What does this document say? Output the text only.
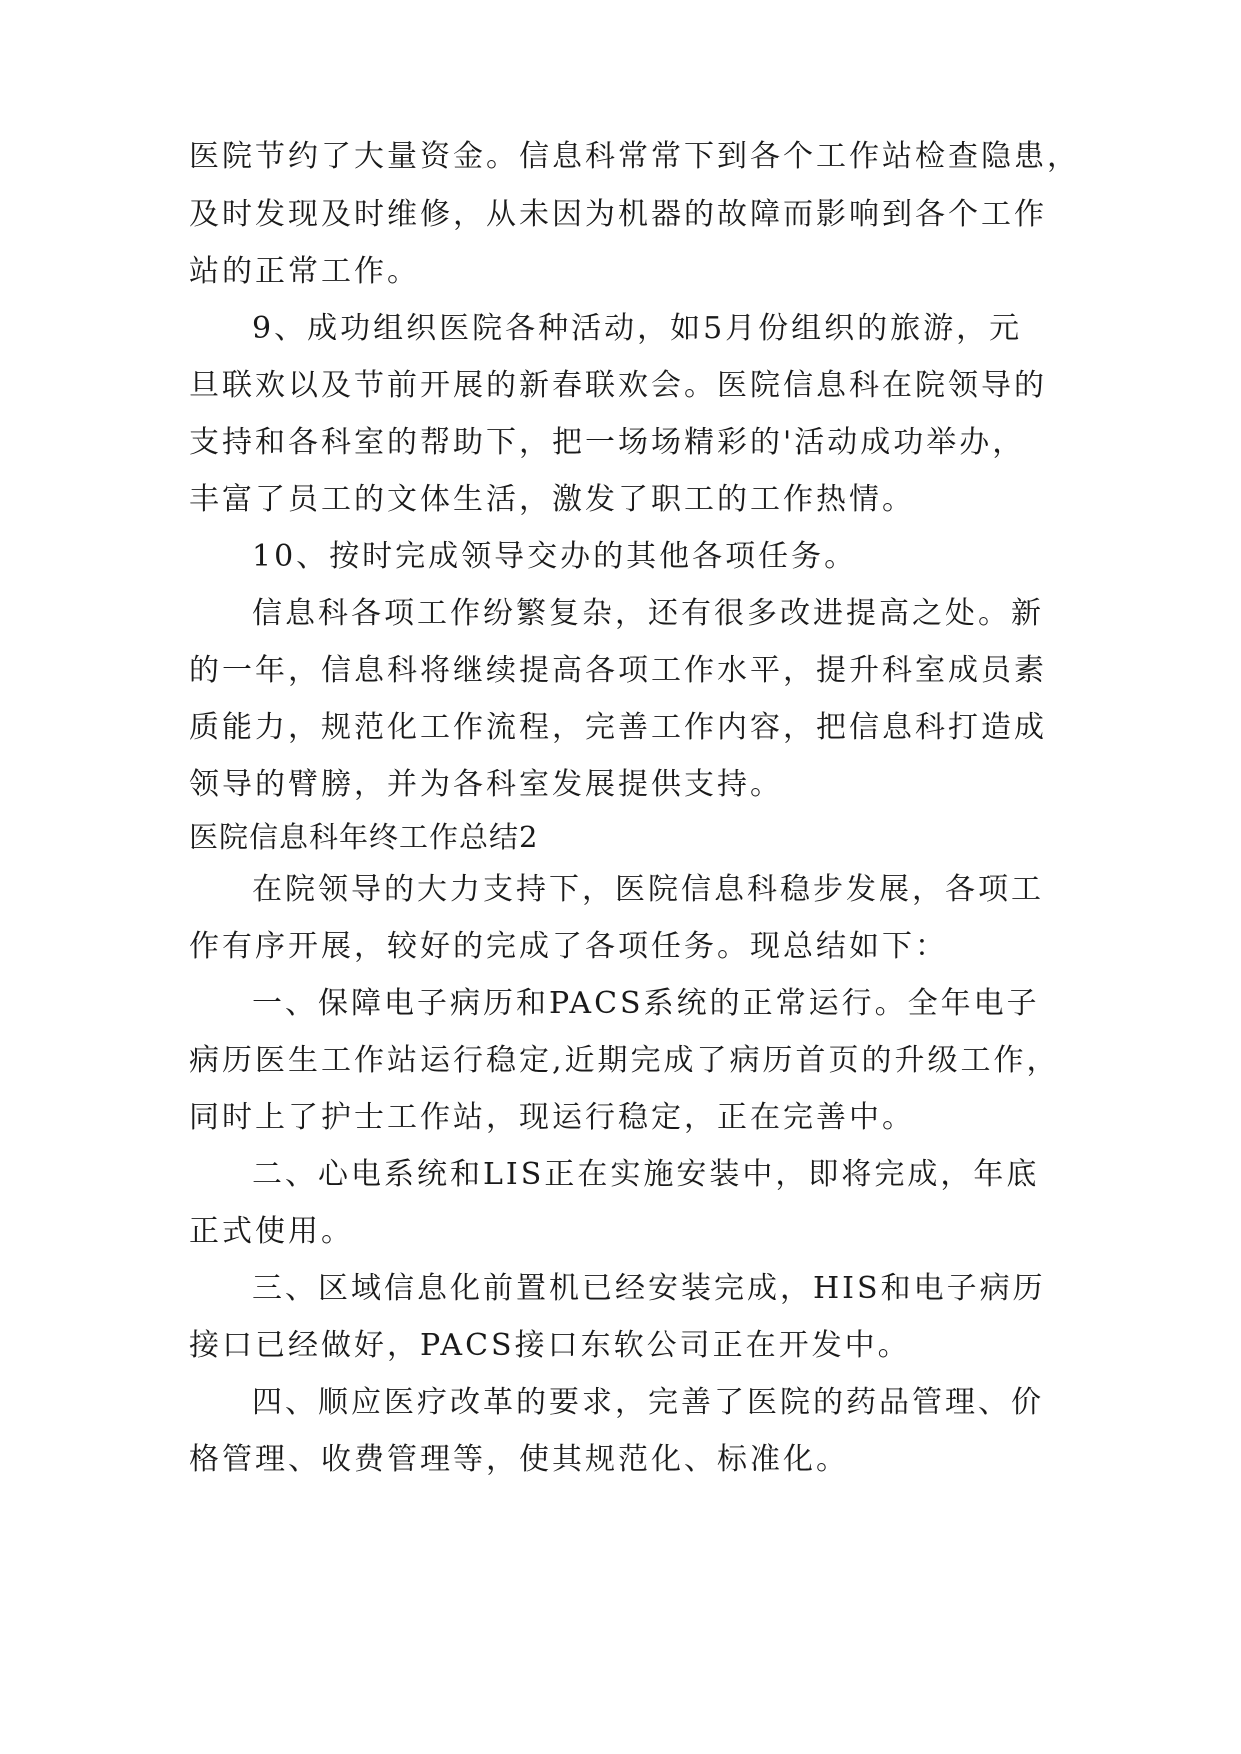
医院节约了大量资金。信息科常常下到各个工作站检查隐患，
及时发现及时维修，从未因为机器的故障而影响到各个工作
站的正常工作。
9、成功组织医院各种活动，如5月份组织的旅游，元
旦联欢以及节前开展的新春联欢会。医院信息科在院领导的
支持和各科室的帮助下，把一场场精彩的'活动成功举办，
丰富了员工的文体生活，激发了职工的工作热情。
10、按时完成领导交办的其他各项任务。
信息科各项工作纷繁复杂，还有很多改进提高之处。新
的一年，信息科将继续提高各项工作水平，提升科室成员素
质能力，规范化工作流程，完善工作内容，把信息科打造成
领导的臂膀，并为各科室发展提供支持。
医院信息科年终工作总结2
在院领导的大力支持下，医院信息科稳步发展，各项工
作有序开展，较好的完成了各项任务。现总结如下：
一、保障电子病历和PACS系统的正常运行。全年电子
病历医生工作站运行稳定,近期完成了病历首页的升级工作，
同时上了护士工作站，现运行稳定，正在完善中。
二、心电系统和LIS正在实施安装中，即将完成，年底
正式使用。
三、区域信息化前置机已经安装完成，HIS和电子病历
接口已经做好，PACS接口东软公司正在开发中。
四、顺应医疗改革的要求，完善了医院的药品管理、价
格管理、收费管理等，使其规范化、标准化。
